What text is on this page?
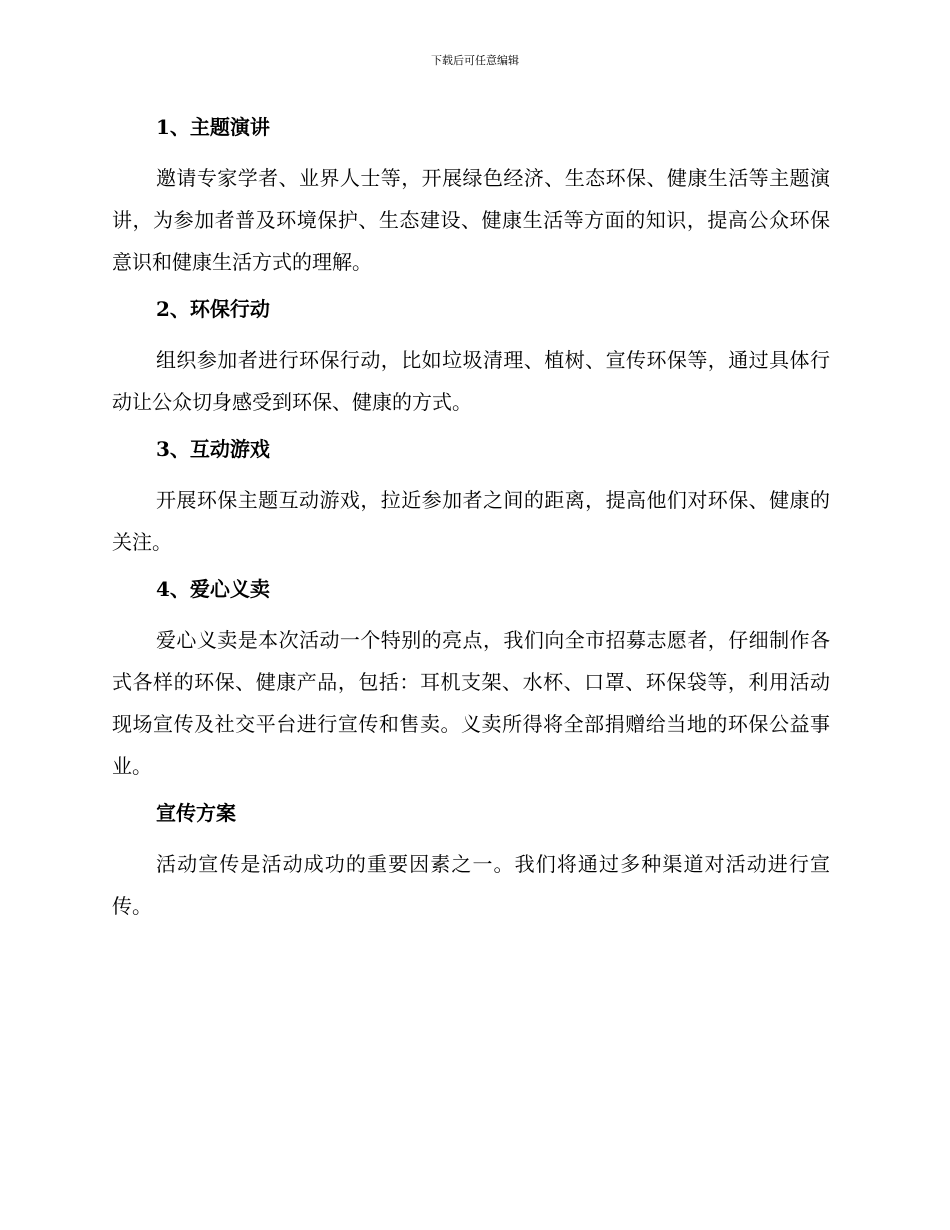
下载后可任意编辑
1、主题演讲

邀请专家学者、业界人士等，开展绿色经济、生态环保、健康生活等主题演讲，为参加者普及环境保护、生态建设、健康生活等方面的知识，提高公众环保意识和健康生活方式的理解。

2、环保行动

组织参加者进行环保行动，比如垃圾清理、植树、宣传环保等，通过具体行动让公众切身感受到环保、健康的方式。

3、互动游戏

开展环保主题互动游戏，拉近参加者之间的距离，提高他们对环保、健康的关注。

4、爱心义卖

爱心义卖是本次活动一个特别的亮点，我们向全市招募志愿者，仔细制作各式各样的环保、健康产品，包括：耳机支架、水杯、口罩、环保袋等，利用活动现场宣传及社交平台进行宣传和售卖。义卖所得将全部捐赠给当地的环保公益事业。

宣传方案

活动宣传是活动成功的重要因素之一。我们将通过多种渠道对活动进行宣传。
